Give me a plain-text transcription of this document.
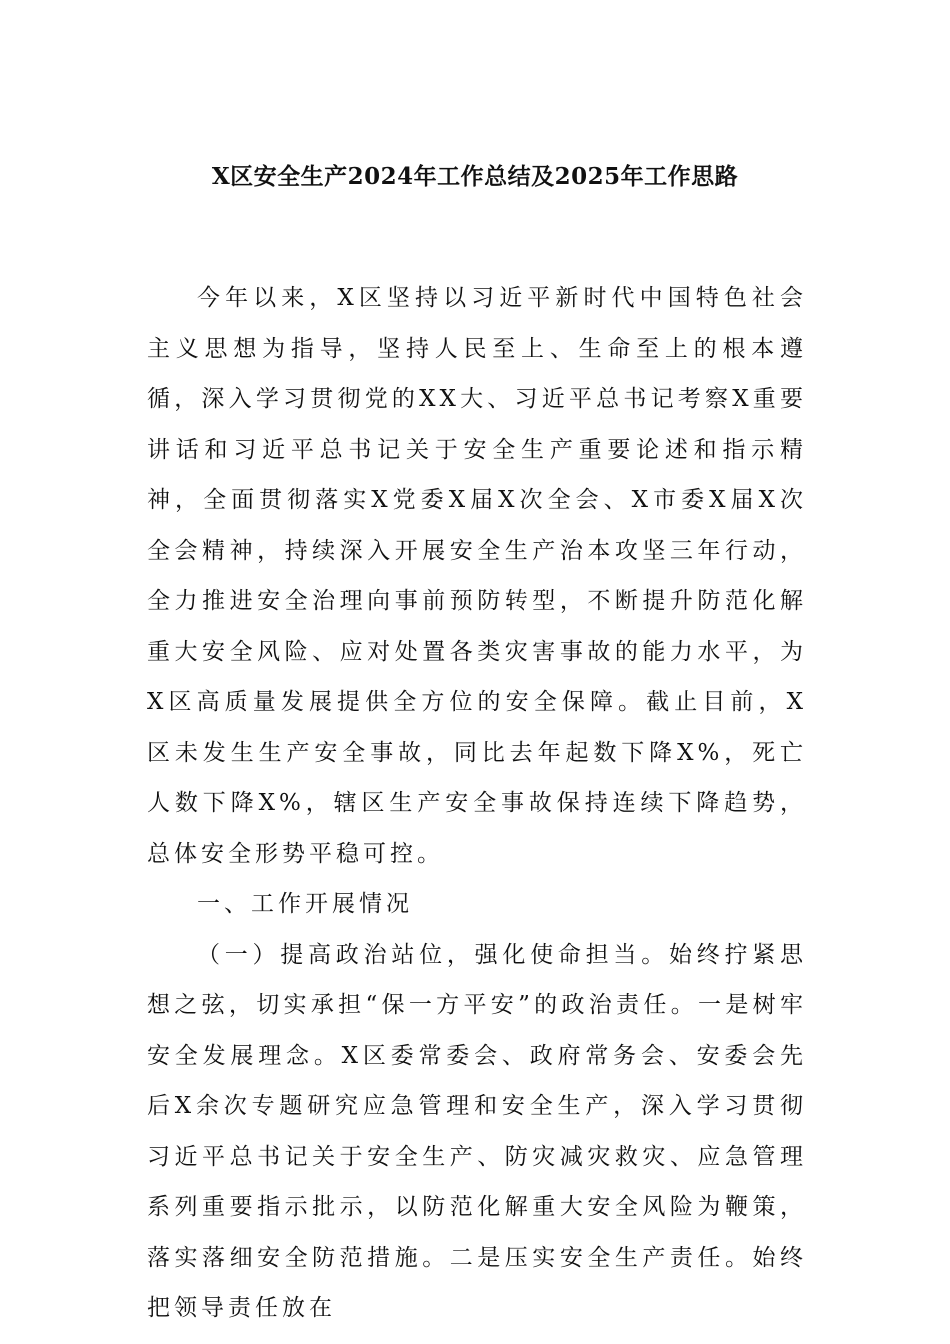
X区安全生产2024年工作总结及2025年工作思路

今年以来，X区坚持以习近平新时代中国特色社会主义思想为指导，坚持人民至上、生命至上的根本遵循，深入学习贯彻党的XX大、习近平总书记考察X重要讲话和习近平总书记关于安全生产重要论述和指示精神，全面贯彻落实X党委X届X次全会、X市委X届X次全会精神，持续深入开展安全生产治本攻坚三年行动，全力推进安全治理向事前预防转型，不断提升防范化解重大安全风险、应对处置各类灾害事故的能力水平，为X区高质量发展提供全方位的安全保障。截止目前，X区未发生生产安全事故，同比去年起数下降X%，死亡人数下降X%，辖区生产安全事故保持连续下降趋势，总体安全形势平稳可控。

一、工作开展情况

（一）提高政治站位，强化使命担当。始终拧紧思想之弦，切实承担“保一方平安”的政治责任。一是树牢安全发展理念。X区委常委会、政府常务会、安委会先后X余次专题研究应急管理和安全生产，深入学习贯彻习近平总书记关于安全生产、防灾减灾救灾、应急管理系列重要指示批示，以防范化解重大安全风险为鞭策，落实落细安全防范措施。二是压实安全生产责任。始终把领导责任放在
